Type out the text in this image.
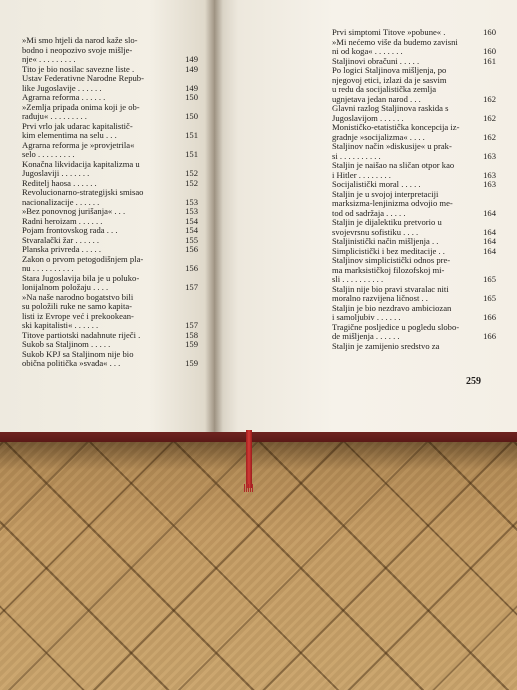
»Mi smo htjeli da narod kaže slo-
bodno i neopozivo svoje mišlje-
nje« . . . . . . . . .	149
Tito je bio nosilac savezne liste .	149
Ustav Federativne Narodne Repub-
like Jugoslavije . . . . . .	149
Agrarna reforma . . . . . .	150
»Zemlja pripada onima koji je ob-
rađuju« . . . . . . . . .	150
Prvi vrlo jak udarac kapitalistič-
kim elementima na selu . . .	151
Agrarna reforma je »provjetrila«
selo . . . . . . . . .	151
Konačna likvidacija kapitalizma u
Jugoslaviji . . . . . . .	152
Reditelj haosa . . . . . .	152
Revolucionarno-strategijski smisao
nacionalizacije . . . . . .	153
»Bez ponovnog jurišanja« . . .	153
Radni heroizam . . . . . .	154
Pojam frontovskog rada . . .	154
Stvaralački žar . . . . . .	155
Planska privreda . . . . .	156
Zakon o prvom petogodišnjem pla-
nu . . . . . . . . . .	156
Stara Jugoslavija bila je u poluko-
lonijalnom položaju . . . .	157
»Na naše narodno bogatstvo bili
su položili ruke ne samo kapita-
listi iz Evrope već i prekookean-
ski kapitalisti« . . . . . .	157
Titove partiotski nadahnute riječi .	158
Sukob sa Staljinom . . . . .	159
Sukob KPJ sa Staljinom nije bio
obična politička »svađa« . . .	159
Prvi simptomi Titove »pobune« .	160
»Mi nećemo više da budemo zavisni
ni od koga« . . . . . . .	160
Staljinovi obračuni . . . . .	161
Po logici Staljinova mišljenja, po
njegovoj etici, izlazi da je sasvim
u redu da socijalistička zemlja
ugnjetava jedan narod . . .	162
Glavni razlog Staljinova raskida s
Jugoslavijom . . . . . .	162
Monističko-etatistička koncepcija iz-
gradnje »socijalizma« . . . .	162
Staljinov način »diskusije« u prak-
si . . . . . . . . . .	163
Staljin je naišao na sličan otpor kao
i Hitler . . . . . . . .	163
Socijalistički moral . . . . .	163
Staljin je u svojoj interpretaciji
marksizma-lenjinizma odvojio me-
tod od sadržaja . . . . .	164
Staljin je dijalektiku pretvorio u
svojevrsnu sofistiku . . . .	164
Staljinistički način mišljenja . .	164
Simplicistički i bez meditacije . .	164
Staljinov simplicistički odnos pre-
ma marksističkoj filozofskoj mi-
sli . . . . . . . . . .	165
Staljin nije bio pravi stvaralac niti
moralno razvijena ličnost . .	165
Staljin je bio nezdravo ambiciozan
i samoljubiv . . . . . .	166
Tragične posljedice u pogledu slobo-
de mišljenja . . . . . .	166
Staljin je zamijenio sredstvo za
259
